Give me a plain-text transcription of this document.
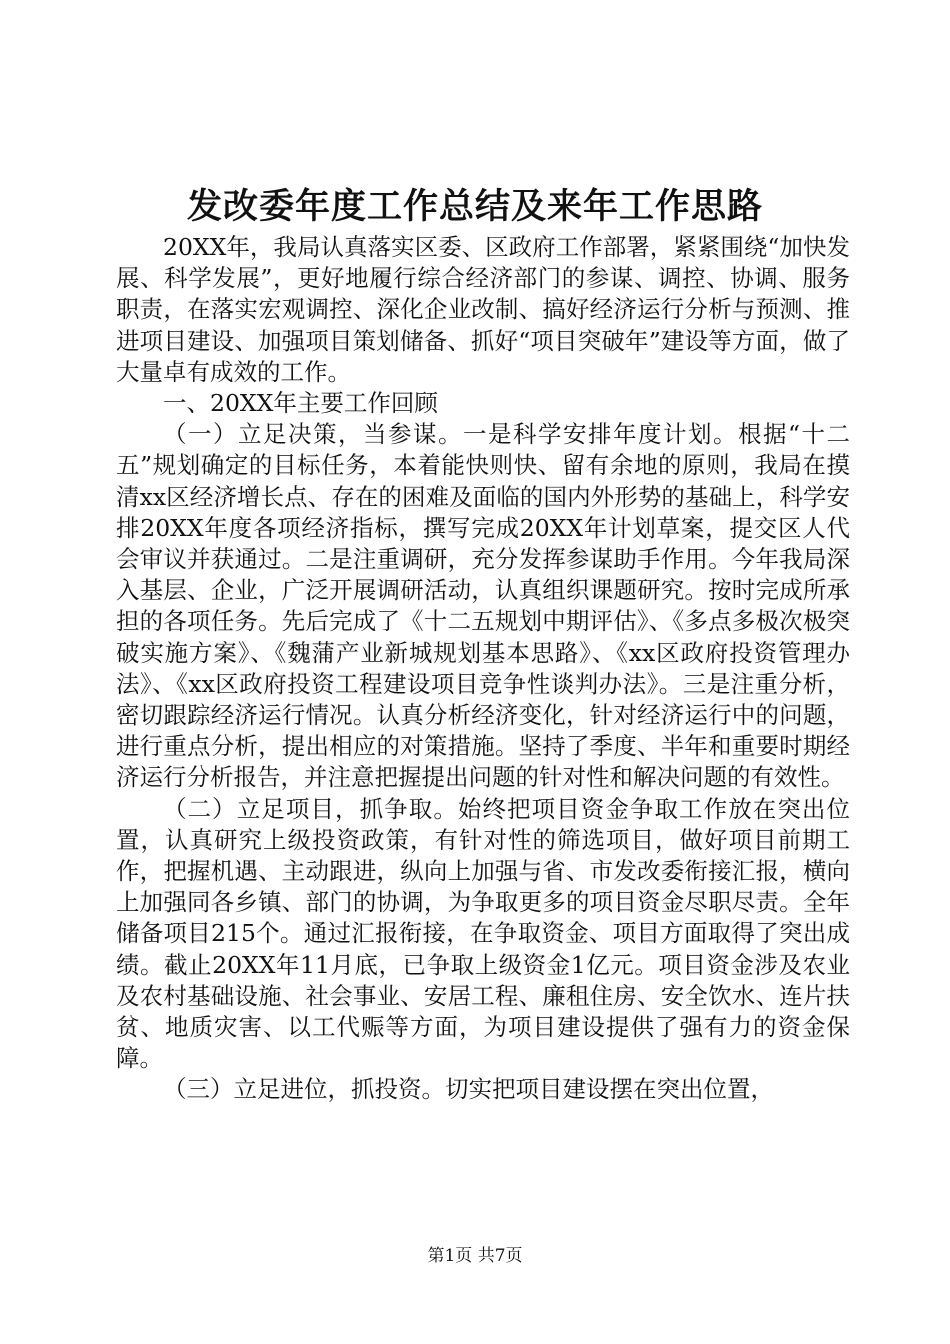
发改委年度工作总结及来年工作思路

20XX年，我局认真落实区委、区政府工作部署，紧紧围绕“加快发展、科学发展”，更好地履行综合经济部门的参谋、调控、协调、服务职责，在落实宏观调控、深化企业改制、搞好经济运行分析与预测、推进项目建设、加强项目策划储备、抓好“项目突破年”建设等方面，做了大量卓有成效的工作。

一、20XX年主要工作回顾

（一）立足决策，当参谋。一是科学安排年度计划。根据“十二五”规划确定的目标任务，本着能快则快、留有余地的原则，我局在摸清xx区经济增长点、存在的困难及面临的国内外形势的基础上，科学安排20XX年度各项经济指标，撰写完成20XX年计划草案，提交区人代会审议并获通过。二是注重调研，充分发挥参谋助手作用。今年我局深入基层、企业，广泛开展调研活动，认真组织课题研究。按时完成所承担的各项任务。先后完成了《十二五规划中期评估》、《多点多极次极突破实施方案》、《魏蒲产业新城规划基本思路》、《xx区政府投资管理办法》、《xx区政府投资工程建设项目竞争性谈判办法》。三是注重分析，密切跟踪经济运行情况。认真分析经济变化，针对经济运行中的问题，进行重点分析，提出相应的对策措施。坚持了季度、半年和重要时期经济运行分析报告，并注意把握提出问题的针对性和解决问题的有效性。

（二）立足项目，抓争取。始终把项目资金争取工作放在突出位置，认真研究上级投资政策，有针对性的筛选项目，做好项目前期工作，把握机遇、主动跟进，纵向上加强与省、市发改委衔接汇报，横向上加强同各乡镇、部门的协调，为争取更多的项目资金尽职尽责。全年储备项目215个。通过汇报衔接，在争取资金、项目方面取得了突出成绩。截止20XX年11月底，已争取上级资金1亿元。项目资金涉及农业及农村基础设施、社会事业、安居工程、廉租住房、安全饮水、连片扶贫、地质灾害、以工代赈等方面，为项目建设提供了强有力的资金保障。

（三）立足进位，抓投资。切实把项目建设摆在突出位置，

第1页 共7页
